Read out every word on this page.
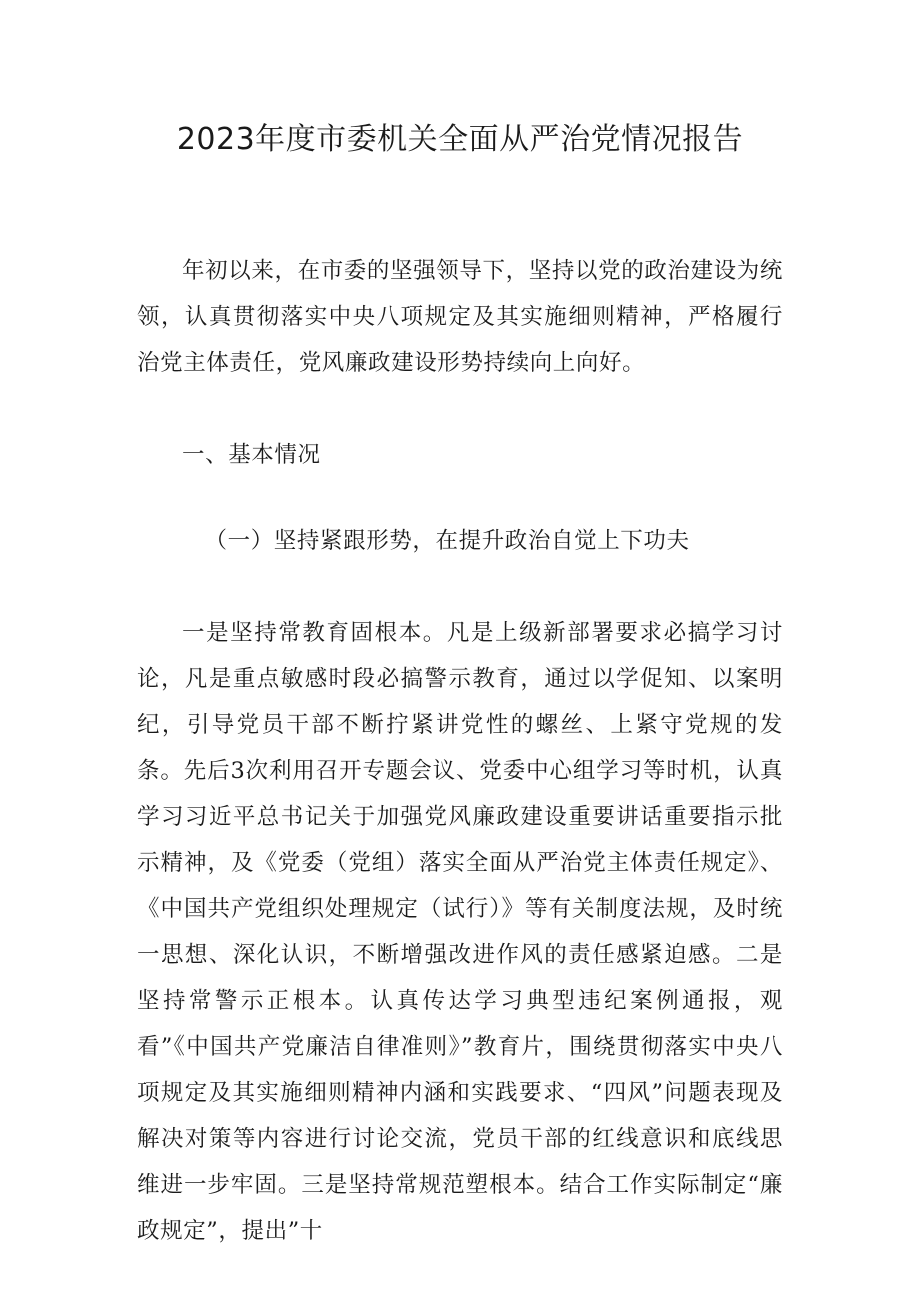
2023年度市委机关全面从严治党情况报告

年初以来，在市委的坚强领导下，坚持以党的政治建设为统领，认真贯彻落实中央八项规定及其实施细则精神，严格履行治党主体责任，党风廉政建设形势持续向上向好。

一、基本情况

（一）坚持紧跟形势，在提升政治自觉上下功夫

一是坚持常教育固根本。凡是上级新部署要求必搞学习讨论，凡是重点敏感时段必搞警示教育，通过以学促知、以案明纪，引导党员干部不断拧紧讲党性的螺丝、上紧守党规的发条。先后3次利用召开专题会议、党委中心组学习等时机，认真学习习近平总书记关于加强党风廉政建设重要讲话重要指示批示精神，及《党委（党组）落实全面从严治党主体责任规定》、《中国共产党组织处理规定（试行）》等有关制度法规，及时统一思想、深化认识，不断增强改进作风的责任感紧迫感。二是坚持常警示正根本。认真传达学习典型违纪案例通报，观看”《中国共产党廉洁自律准则》”教育片，围绕贯彻落实中央八项规定及其实施细则精神内涵和实践要求、“四风”问题表现及解决对策等内容进行讨论交流，党员干部的红线意识和底线思维进一步牢固。三是坚持常规范塑根本。结合工作实际制定“廉政规定”，提出”十
